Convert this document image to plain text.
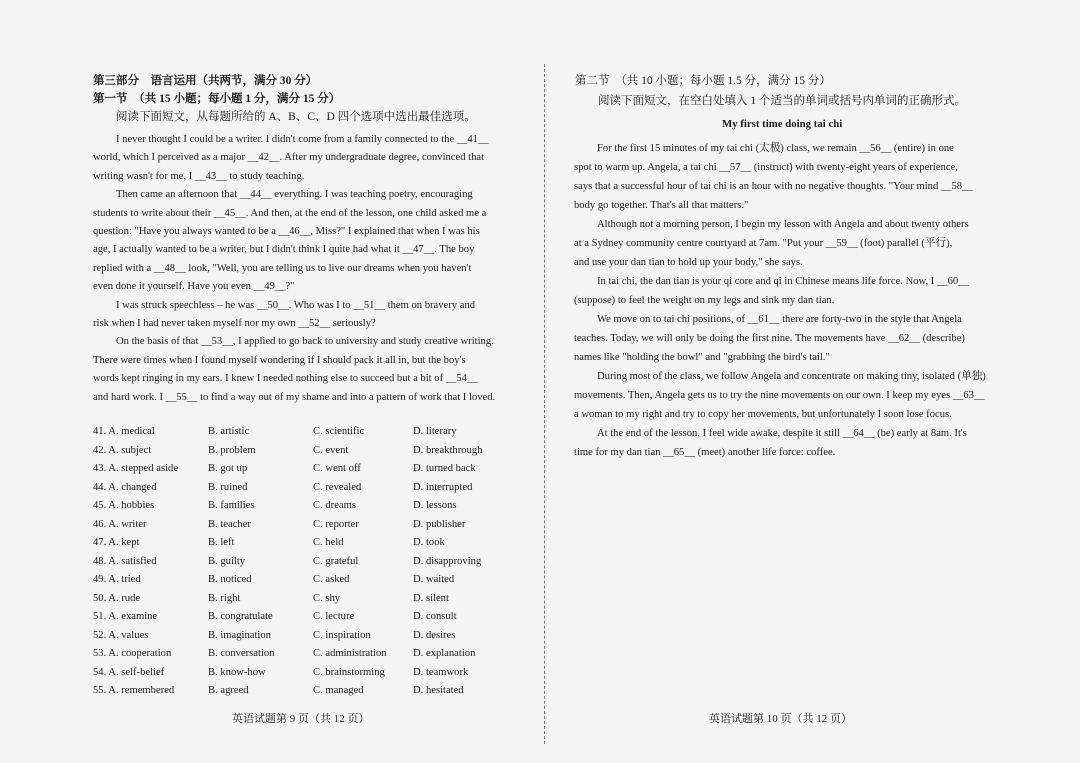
第三部分　语言运用（共两节，满分 30 分）
第一节　（共 15 小题；每小题 1 分，满分 15 分）
阅读下面短文，从每题所给的 A、B、C、D 四个选项中选出最佳选项。
I never thought I could be a writer. I didn't come from a family connected to the __41__
world, which I perceived as a major __42__. After my undergraduate degree, convinced that
writing wasn't for me, I __43__ to study teaching.
Then came an afternoon that __44__ everything. I was teaching poetry, encouraging
students to write about their __45__. And then, at the end of the lesson, one child asked me a
question: "Have you always wanted to be a __46__, Miss?" I explained that when I was his
age, I actually wanted to be a writer, but I didn't think I quite had what it __47__. The boy
replied with a __48__ look, "Well, you are telling us to live our dreams when you haven't
even done it yourself. Have you even __49__?"
I was struck speechless – he was __50__. Who was I to __51__ them on bravery and
risk when I had never taken myself nor my own __52__ seriously?
On the basis of that __53__, I applied to go back to university and study creative writing.
There were times when I found myself wondering if I should pack it all in, but the boy's
words kept ringing in my ears. I knew I needed nothing else to succeed but a bit of __54__
and hard work. I __55__ to find a way out of my shame and into a pattern of work that I loved.
41. A. medical	B. artistic	C. scientific	D. literary
42. A. subject	B. problem	C. event	D. breakthrough
43. A. stepped aside	B. got up	C. went off	D. turned back
44. A. changed	B. ruined	C. revealed	D. interrupted
45. A. hobbies	B. families	C. dreams	D. lessons
46. A. writer	B. teacher	C. reporter	D. publisher
47. A. kept	B. left	C. held	D. took
48. A. satisfied	B. guilty	C. grateful	D. disapproving
49. A. tried	B. noticed	C. asked	D. waited
50. A. rude	B. right	C. shy	D. silent
51. A. examine	B. congratulate	C. lecture	D. consult
52. A. values	B. imagination	C. inspiration	D. desires
53. A. cooperation	B. conversation	C. administration D. explanation
54. A. self-belief	B. know-how	C. brainstorming	D. teamwork
55. A. remembered	B. agreed	C. managed	D. hesitated
英语试题第 9 页（共 12 页）
第二节　（共 10 小题；每小题 1.5 分，满分 15 分）
阅读下面短文，在空白处填入 1 个适当的单词或括号内单词的正确形式。
My first time doing tai chi
For the first 15 minutes of my tai chi (太极) class, we remain __56__ (entire) in one
spot to warm up. Angela, a tai chi __57__ (instruct) with twenty-eight years of experience,
says that a successful hour of tai chi is an hour with no negative thoughts. "Your mind __58__
body go together. That's all that matters."
Although not a morning person, I begin my lesson with Angela and about twenty others
at a Sydney community centre courtyard at 7am. "Put your __59__ (foot) parallel (平行),
and use your dan tian to hold up your body," she says.
In tai chi, the dan tian is your qi core and qi in Chinese means life force. Now, I __60__
(suppose) to feel the weight on my legs and sink my dan tian.
We move on to tai chi positions, of __61__ there are forty-two in the style that Angela
teaches. Today, we will only be doing the first nine. The movements have __62__ (describe)
names like "holding the bowl" and "grabbing the bird's tail."
During most of the class, we follow Angela and concentrate on making tiny, isolated (单独)
movements. Then, Angela gets us to try the nine movements on our own. I keep my eyes __63__
a woman to my right and try to copy her movements, but unfortunately I soon lose focus.
At the end of the lesson, I feel wide awake, despite it still __64__ (be) early at 8am. It's
time for my dan tian __65__ (meet) another life force: coffee.
英语试题第 10 页（共 12 页）
